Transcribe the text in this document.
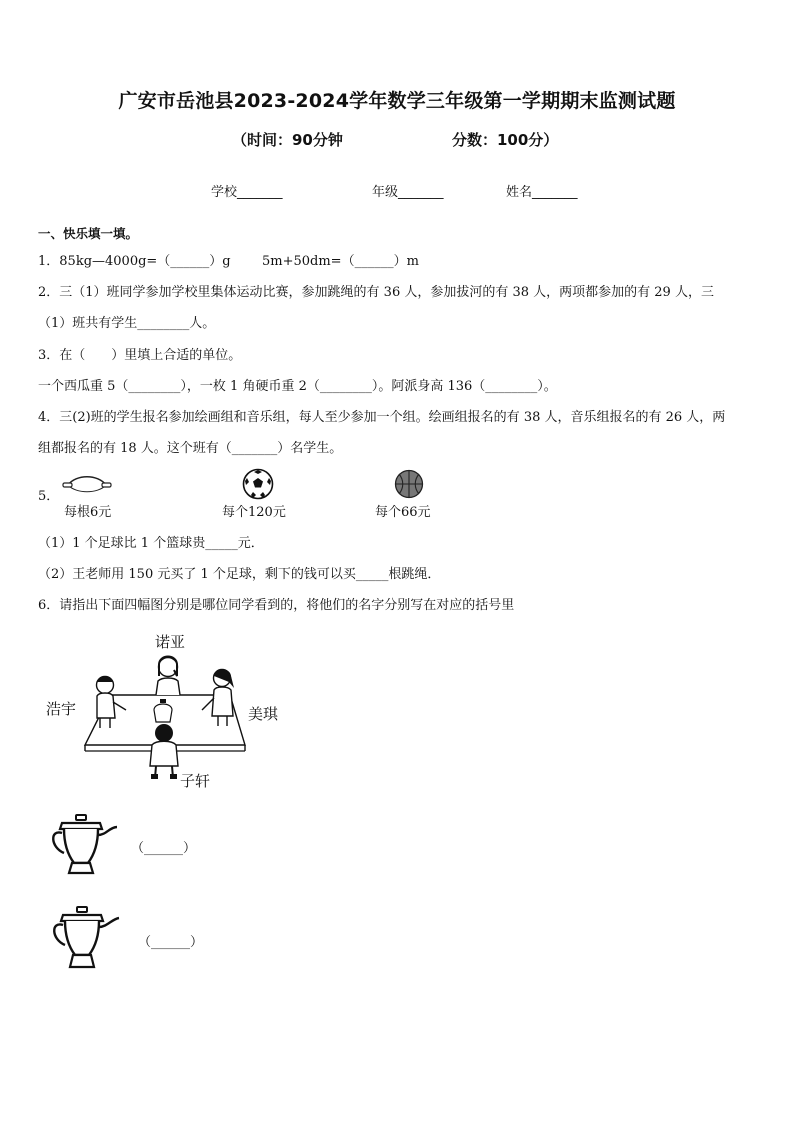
广安市岳池县2023-2024学年数学三年级第一学期期末监测试题
（时间：90分钟	分数：100分）
学校_______	年级_______	姓名_______
一、快乐填一填。
1．85kg—4000g=（______）g 5m+50dm=（______）m
2．三（1）班同学参加学校里集体运动比赛，参加跳绳的有 36 人，参加拔河的有 38 人，两项都参加的有 29 人，三
（1）班共有学生________人。
3．在（　　）里填上合适的单位。
一个西瓜重 5（________），一枚 1 角硬币重 2（________）。阿派身高 136（________）。
4．三(2)班的学生报名参加绘画组和音乐组，每人至少参加一个组。绘画组报名的有 38 人，音乐组报名的有 26 人，两
组都报名的有 18 人。这个班有（_______）名学生。
5．
每根6元	每个120元	每个66元
（1）1 个足球比 1 个篮球贵_____元．
（2）王老师用 150 元买了 1 个足球，剩下的钱可以买_____根跳绳．
6．请指出下面四幅图分别是哪位同学看到的，将他们的名字分别写在对应的括号里
诺亚
浩宇	美琪
子轩
（______）
（______）
